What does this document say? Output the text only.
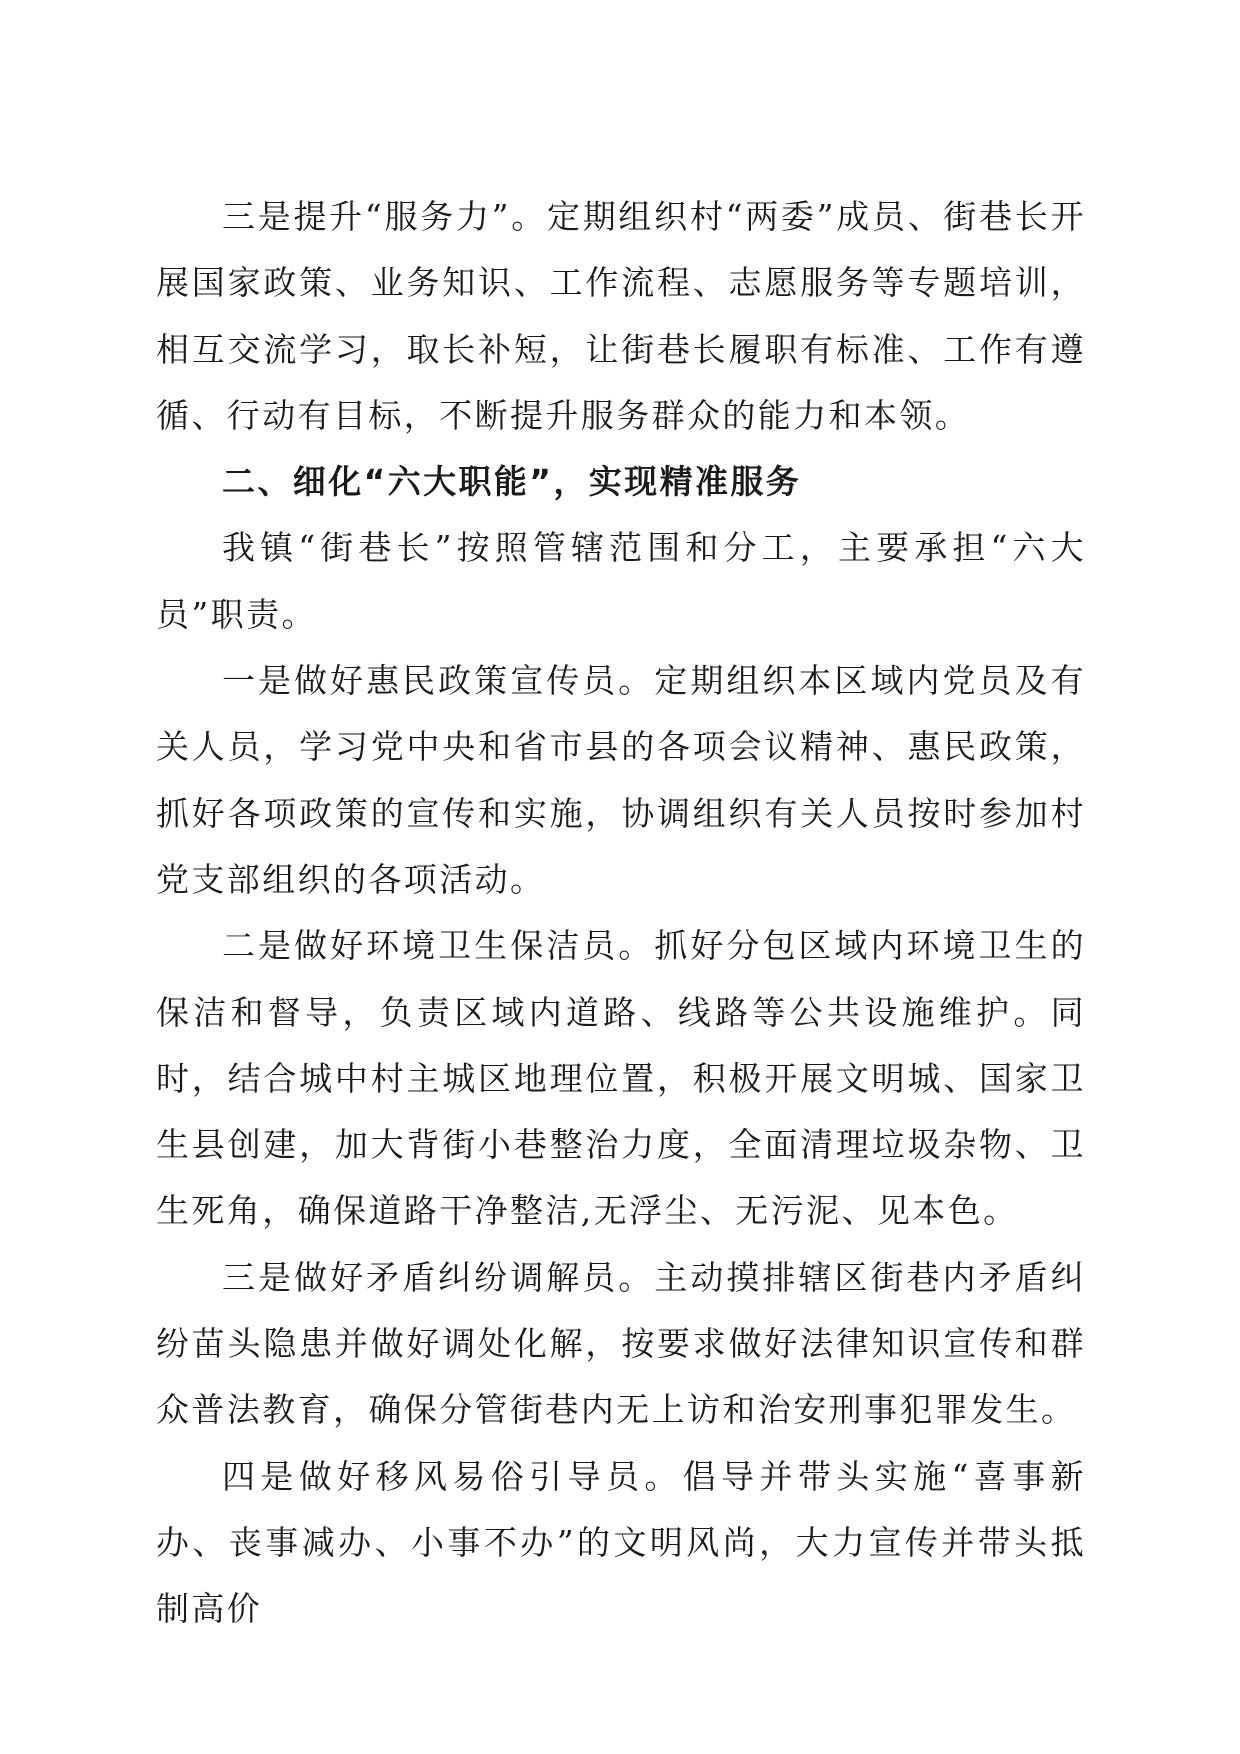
三是提升“服务力”。定期组织村“两委”成员、街巷长开展国家政策、业务知识、工作流程、志愿服务等专题培训，相互交流学习，取长补短，让街巷长履职有标准、工作有遵循、行动有目标，不断提升服务群众的能力和本领。

二、细化“六大职能”，实现精准服务

我镇“街巷长”按照管辖范围和分工，主要承担“六大员”职责。

一是做好惠民政策宣传员。定期组织本区域内党员及有关人员，学习党中央和省市县的各项会议精神、惠民政策，抓好各项政策的宣传和实施，协调组织有关人员按时参加村党支部组织的各项活动。

二是做好环境卫生保洁员。抓好分包区域内环境卫生的保洁和督导，负责区域内道路、线路等公共设施维护。同时，结合城中村主城区地理位置，积极开展文明城、国家卫生县创建，加大背街小巷整治力度，全面清理垃圾杂物、卫生死角，确保道路干净整洁,无浮尘、无污泥、见本色。

三是做好矛盾纠纷调解员。主动摸排辖区街巷内矛盾纠纷苗头隐患并做好调处化解，按要求做好法律知识宣传和群众普法教育，确保分管街巷内无上访和治安刑事犯罪发生。

四是做好移风易俗引导员。倡导并带头实施“喜事新办、丧事减办、小事不办”的文明风尚，大力宣传并带头抵制高价
